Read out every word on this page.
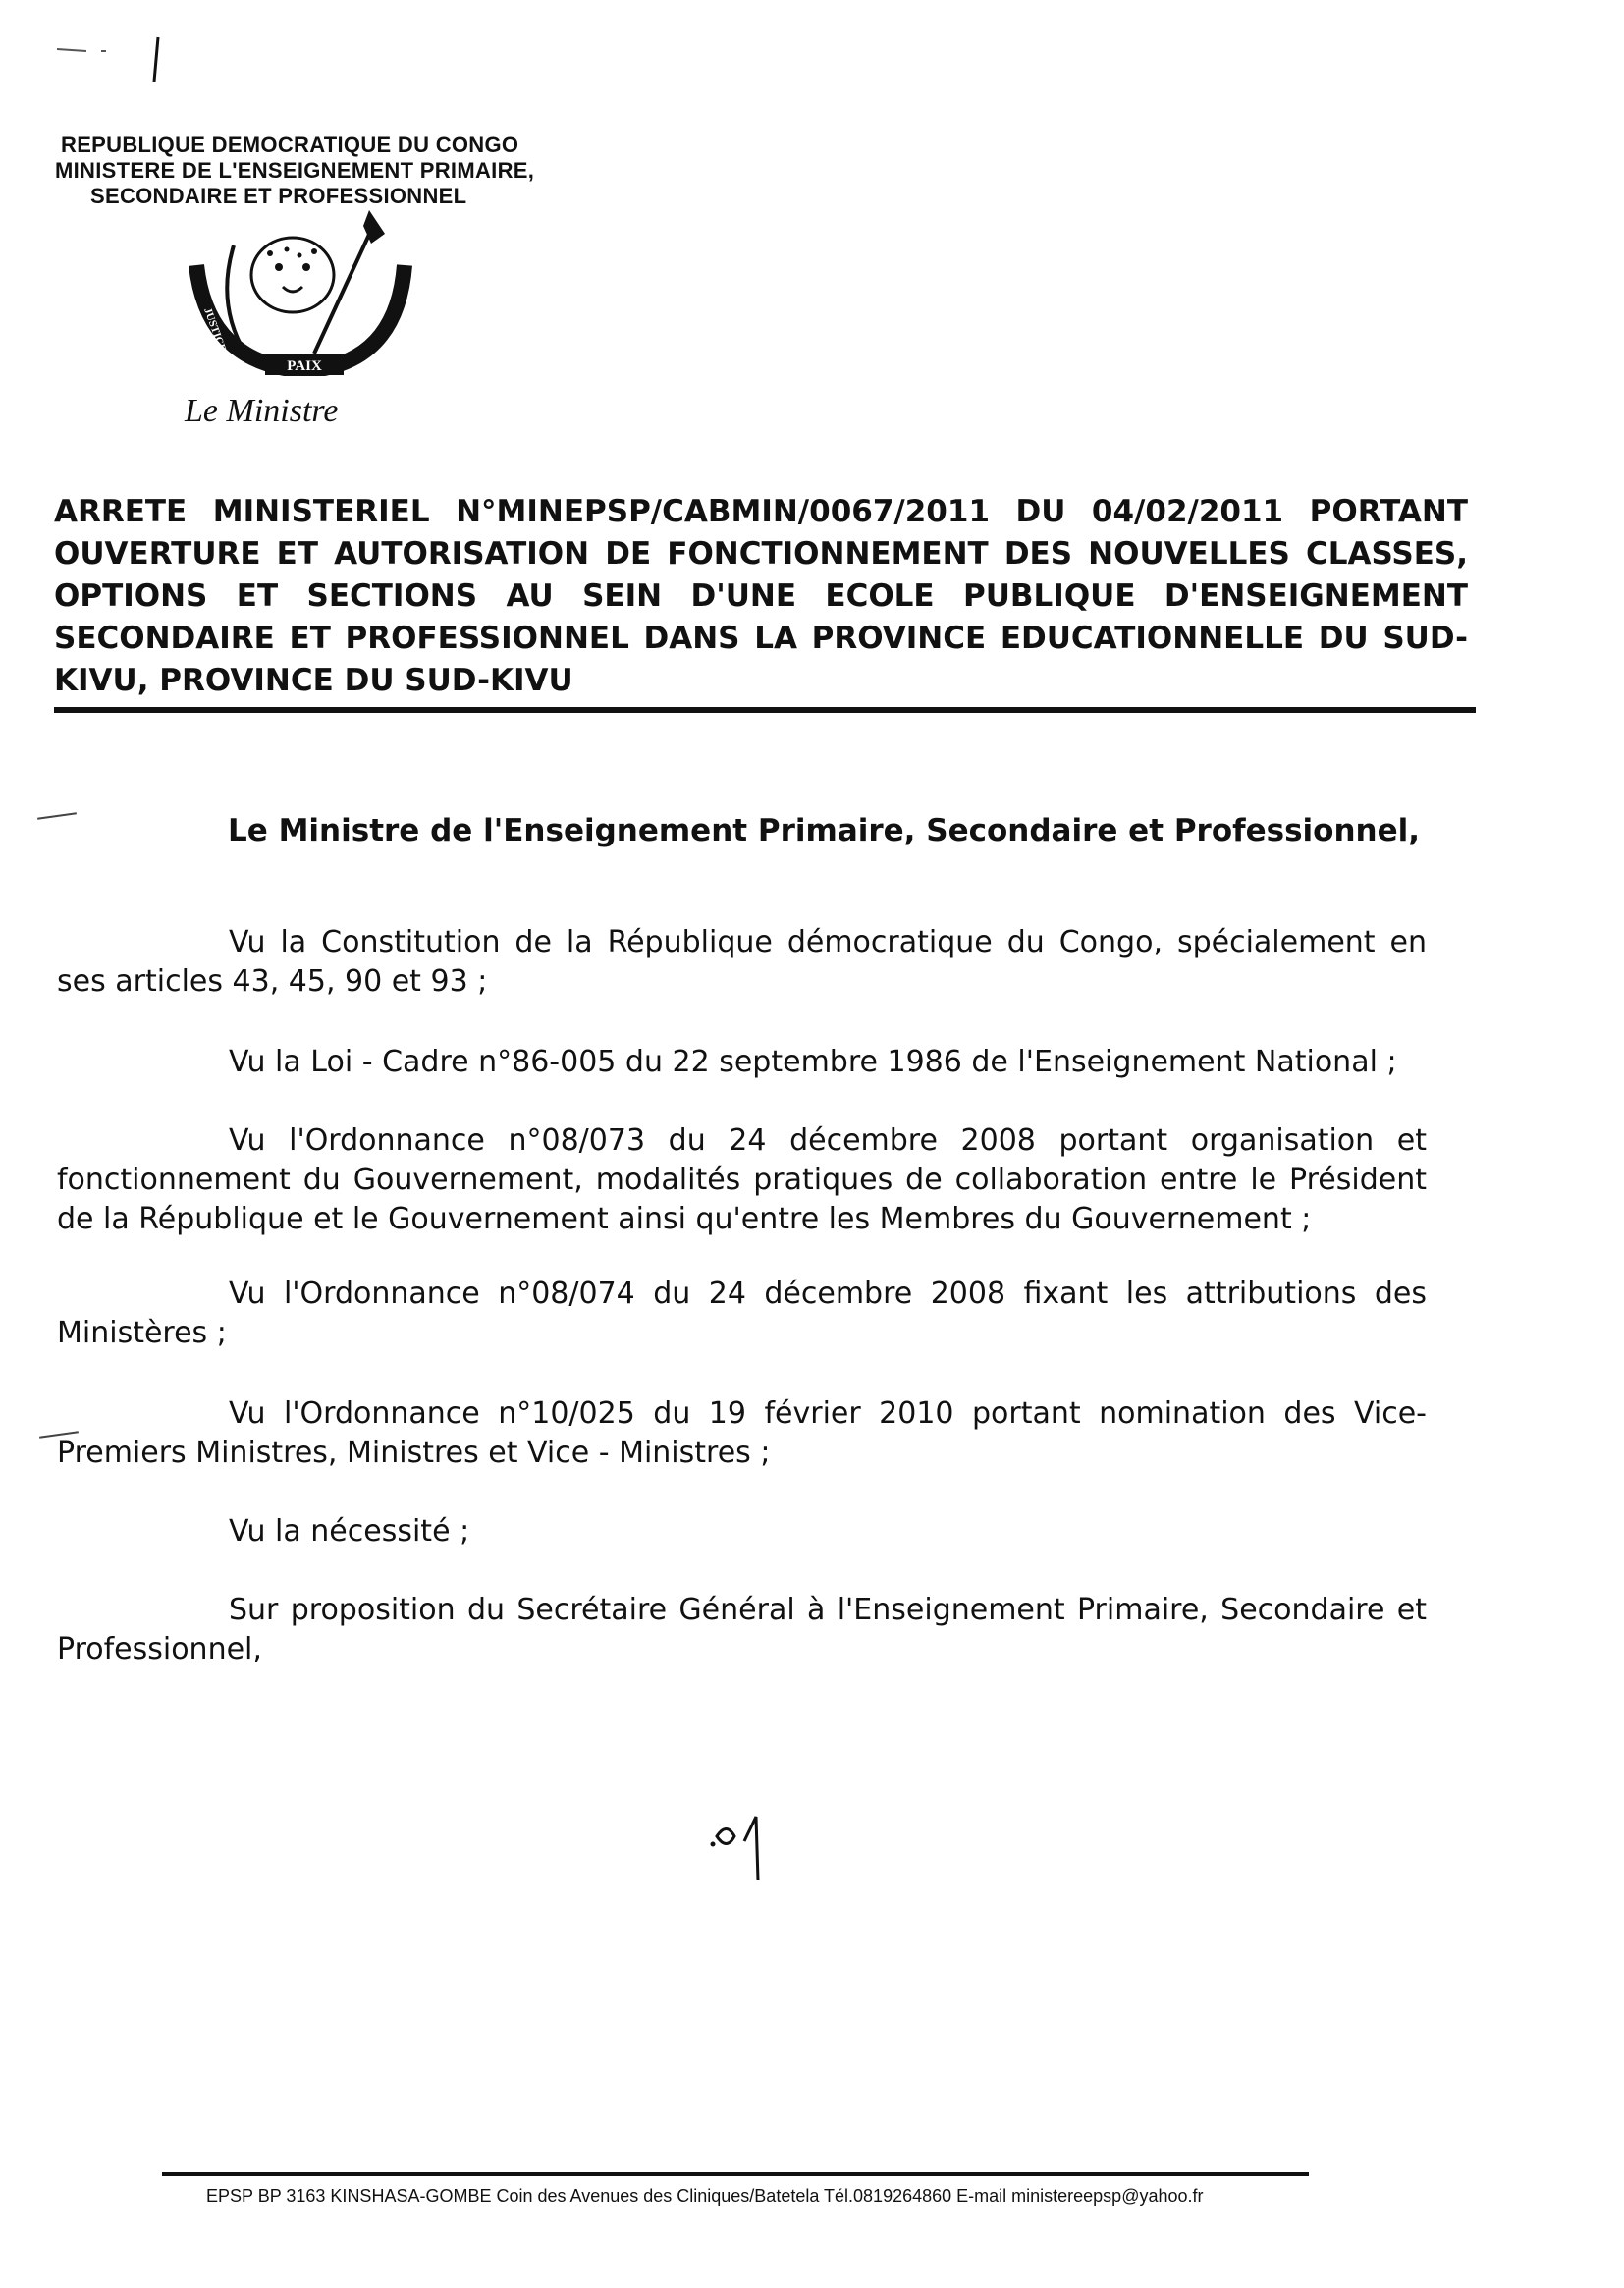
REPUBLIQUE DEMOCRATIQUE DU CONGO
MINISTERE DE L'ENSEIGNEMENT PRIMAIRE,
SECONDAIRE ET PROFESSIONNEL
PAIX
JUSTICE
TRAVAIL
Le Ministre
ARRETE MINISTERIEL N°MINEPSP/CABMIN/0067/2011 DU 04/02/2011 PORTANT
OUVERTURE ET AUTORISATION DE FONCTIONNEMENT DES NOUVELLES CLASSES,
OPTIONS ET SECTIONS AU SEIN D'UNE ECOLE PUBLIQUE D'ENSEIGNEMENT
SECONDAIRE ET PROFESSIONNEL DANS LA PROVINCE EDUCATIONNELLE DU SUD-
KIVU, PROVINCE DU SUD-KIVU
Le Ministre de l'Enseignement Primaire, Secondaire et Professionnel,
Vu la Constitution de la République démocratique du Congo, spécialement en ses articles 43, 45, 90 et 93 ;
Vu la Loi - Cadre n°86-005 du 22 septembre 1986 de l'Enseignement National ;
Vu l'Ordonnance n°08/073 du 24 décembre 2008 portant organisation et fonctionnement du Gouvernement, modalités pratiques de collaboration entre le Président de la République et le Gouvernement ainsi qu'entre les Membres du Gouvernement ;
Vu l'Ordonnance n°08/074 du 24 décembre 2008 fixant les attributions des Ministères ;
Vu l'Ordonnance n°10/025 du 19 février 2010 portant nomination des Vice-Premiers Ministres, Ministres et Vice - Ministres ;
Vu la nécessité ;
Sur proposition du Secrétaire Général à l'Enseignement Primaire, Secondaire et Professionnel,
EPSP BP 3163 KINSHASA-GOMBE Coin des Avenues des Cliniques/Batetela Tél.0819264860 E-mail ministereepsp@yahoo.fr
